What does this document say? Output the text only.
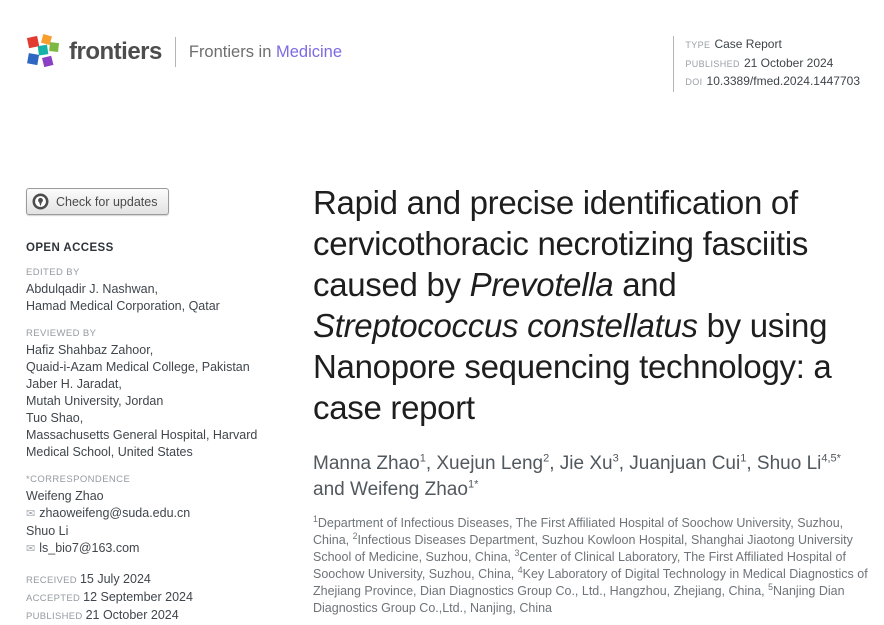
frontiers Frontiers in Medicine	TYPE Case Report
PUBLISHED 21 October 2024
DOI 10.3389/fmed.2024.1447703
Check for updates
OPEN ACCESS
EDITED BY
Abdulqadir J. Nashwan,
Hamad Medical Corporation, Qatar
REVIEWED BY
Hafiz Shahbaz Zahoor,
Quaid-i-Azam Medical College, Pakistan
Jaber H. Jaradat,
Mutah University, Jordan
Tuo Shao,
Massachusetts General Hospital, Harvard Medical School, United States
*CORRESPONDENCE
Weifeng Zhao
✉ zhaoweifeng@suda.edu.cn
Shuo Li
✉ ls_bio7@163.com
RECEIVED 15 July 2024
ACCEPTED 12 September 2024
PUBLISHED 21 October 2024
Rapid and precise identification of cervicothoracic necrotizing fasciitis caused by Prevotella and Streptococcus constellatus by using Nanopore sequencing technology: a case report
Manna Zhao$^1$, Xuejun Leng$^2$, Jie Xu$^3$, Juanjuan Cui$^1$, Shuo $Li^{4,5*}$ and Weifeng Zhao$^{1*}$
$^1$Department of Infectious Diseases, The First Affiliated Hospital of Soochow University, Suzhou, China, $^2$Infectious Diseases Department, Suzhou Kowloon Hospital, Shanghai Jiaotong University School of Medicine, Suzhou, China, $^3$Center of Clinical Laboratory, The First Affiliated Hospital of Soochow University, Suzhou, China, $^4$Key Laboratory of Digital Technology in Medical Diagnostics of Zhejiang Province, Dian Diagnostics Group Co., Ltd., Hangzhou, Zhejiang, China, $^5$Nanjing Dian Diagnostics Group Co.,Ltd., Nanjing, China
